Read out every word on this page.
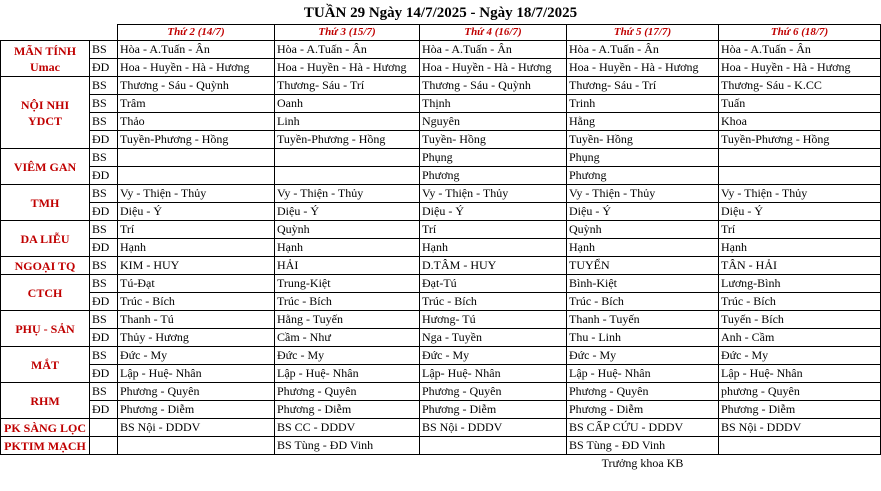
TUẦN 29 Ngày 14/7/2025 - Ngày 18/7/2025
		Thứ 2 (14/7)	Thứ 3 (15/7)	Thứ 4 (16/7)	Thứ 5 (17/7)	Thứ 6 (18/7)
MÃN TÍNH Umac	BS	Hòa - A.Tuấn - Ân	Hòa - A.Tuấn - Ân	Hòa - A.Tuấn - Ân	Hòa - A.Tuấn - Ân	Hòa - A.Tuấn - Ân
	ĐD	Hoa - Huyền - Hà - Hương	Hoa - Huyền - Hà - Hương	Hoa - Huyền - Hà - Hương	Hoa - Huyền - Hà - Hương	Hoa - Huyền - Hà - Hương
NỘI NHI YDCT	BS	Thương - Sáu - Quỳnh	Thương- Sáu - Trí	Thương - Sáu - Quỳnh	Thương- Sáu - Trí	Thương- Sáu - K.CC
	BS	Trâm	Oanh	Thịnh	Trinh	Tuấn
	BS	Thảo	Linh	Nguyên	Hằng	Khoa
	ĐD	Tuyền-Phương - Hồng	Tuyền-Phương - Hồng	Tuyền- Hồng	Tuyền- Hồng	Tuyền-Phương - Hồng
VIÊM GAN	BS			Phụng	Phụng	
	ĐD			Phương	Phương	
TMH	BS	Vy - Thiện - Thủy	Vy - Thiện - Thủy	Vy - Thiện - Thủy	Vy - Thiện - Thủy	Vy - Thiện - Thủy
	ĐD	Diệu - Ý	Diệu - Ý	Diệu - Ý	Diệu - Ý	Diệu - Ý
DA LIỄU	BS	Trí	Quỳnh	Trí	Quỳnh	Trí
	ĐD	Hạnh	Hạnh	Hạnh	Hạnh	Hạnh
NGOẠI TQ	BS	KIM - HUY	HẢI	D.TÂM - HUY	TUYỂN	TÂN - HẢI
CTCH	BS	Tú-Đạt	Trung-Kiệt	Đạt-Tú	Bình-Kiệt	Lương-Bình
	ĐD	Trúc - Bích	Trúc - Bích	Trúc - Bích	Trúc - Bích	Trúc - Bích
PHỤ - SẢN	BS	Thanh - Tú	Hằng - Tuyến	Hương- Tú	Thanh - Tuyến	Tuyến - Bích
	ĐD	Thủy - Hương	Cầm - Như	Nga - Tuyền	Thu - Linh	Anh - Cầm
MẮT	BS	Đức - My	Đức - My	Đức - My	Đức - My	Đức - My
	ĐD	Lập - Huệ- Nhân	Lập - Huệ- Nhân	Lập- Huệ- Nhân	Lập - Huệ- Nhân	Lập - Huệ- Nhân
RHM	BS	Phương - Quyên	Phương - Quyên	Phương - Quyên	Phương - Quyên	phương - Quyên
	ĐD	Phương - Diễm	Phương - Diễm	Phương - Diễm	Phương - Diễm	Phương - Diễm
PK SÀNG LỌC		BS Nội - DDDV	BS CC - DDDV	BS Nội - DDDV	BS CẤP CỨU - DDDV	BS Nội - DDDV
PKTIM MẠCH			BS Tùng - ĐD Vinh		BS Tùng - ĐD Vinh	
					Trưởng khoa KB	
